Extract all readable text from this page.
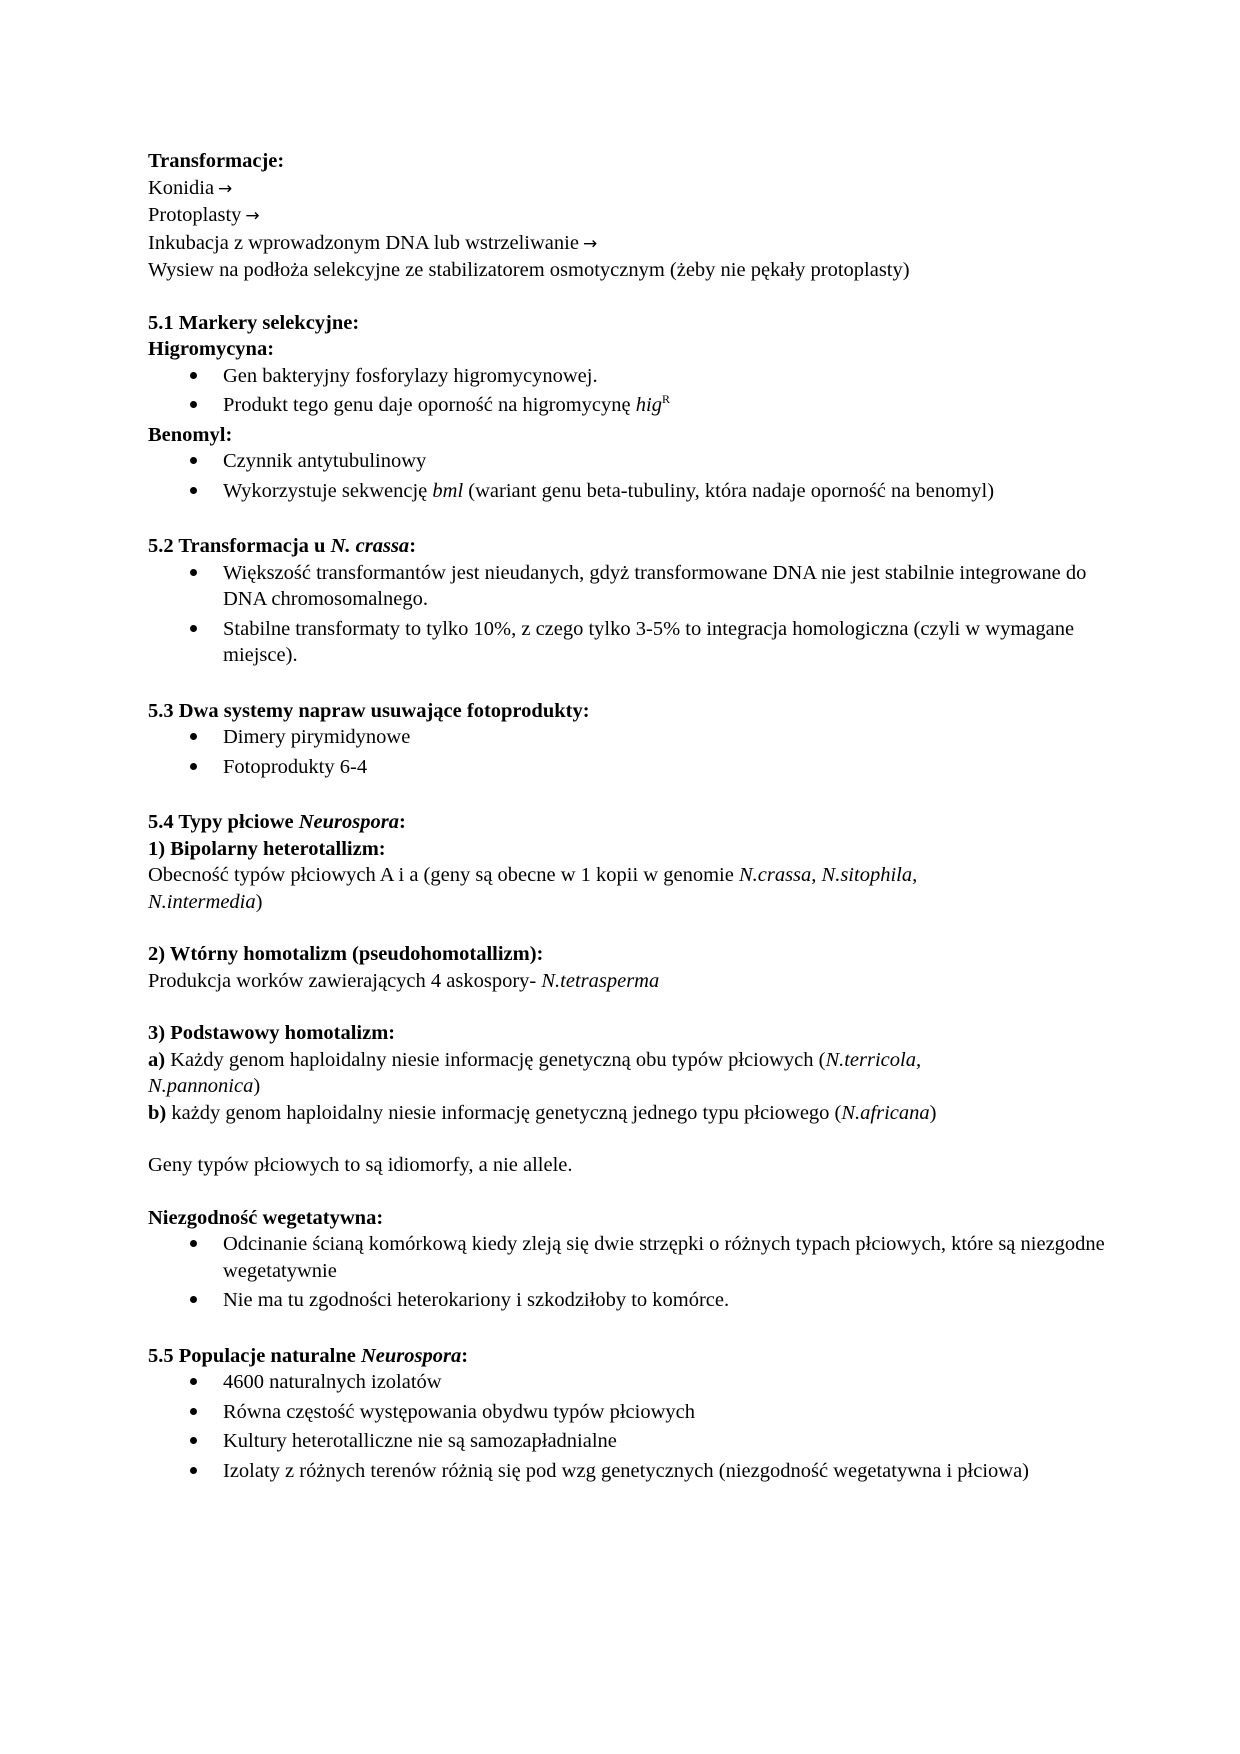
Transformacje:
Konidia →
Protoplasty →
Inkubacja z wprowadzonym DNA lub wstrzeliwanie →
Wysiew na podłoża selekcyjne ze stabilizatorem osmotycznym (żeby nie pękały protoplasty)
5.1 Markery selekcyjne:
Higromycyna:
Gen bakteryjny fosforylazy higromycynowej.
Produkt tego genu daje oporność na higromycynę hig$^R$
Benomyl:
Czynnik antytubulinowy
Wykorzystuje sekwencję bml (wariant genu beta-tubuliny, która nadaje oporność na benomyl)
5.2 Transformacja u N. crassa:
Większość transformantów jest nieudanych, gdyż transformowane DNA nie jest stabilnie integrowane do DNA chromosomalnego.
Stabilne transformaty to tylko 10%, z czego tylko 3-5% to integracja homologiczna (czyli w wymagane miejsce).
5.3 Dwa systemy napraw usuwające fotoprodukty:
Dimery pirymidynowe
Fotoprodukty 6-4
5.4 Typy płciowe Neurospora:
1) Bipolarny heterotallizm:
Obecność typów płciowych A i a (geny są obecne w 1 kopii w genomie N.crassa, N.sitophila,
N.intermedia)
2) Wtórny homotalizm (pseudohomotallizm):
Produkcja worków zawierających 4 askospory- N.tetrasperma
3) Podstawowy homotalizm:
a) Każdy genom haploidalny niesie informację genetyczną obu typów płciowych (N.terricola,
N.pannonica)
b) każdy genom haploidalny niesie informację genetyczną jednego typu płciowego (N.africana)
Geny typów płciowych to są idiomorfy, a nie allele.
Niezgodność wegetatywna:
Odcinanie ścianą komórkową kiedy zleją się dwie strzępki o różnych typach płciowych, które są niezgodne wegetatywnie
Nie ma tu zgodności heterokariony i szkodziłoby to komórce.
5.5 Populacje naturalne Neurospora:
4600 naturalnych izolatów
Równa częstość występowania obydwu typów płciowych
Kultury heterotalliczne nie są samozapładnialne
Izolaty z różnych terenów różnią się pod wzg genetycznych (niezgodność wegetatywna i płciowa)
